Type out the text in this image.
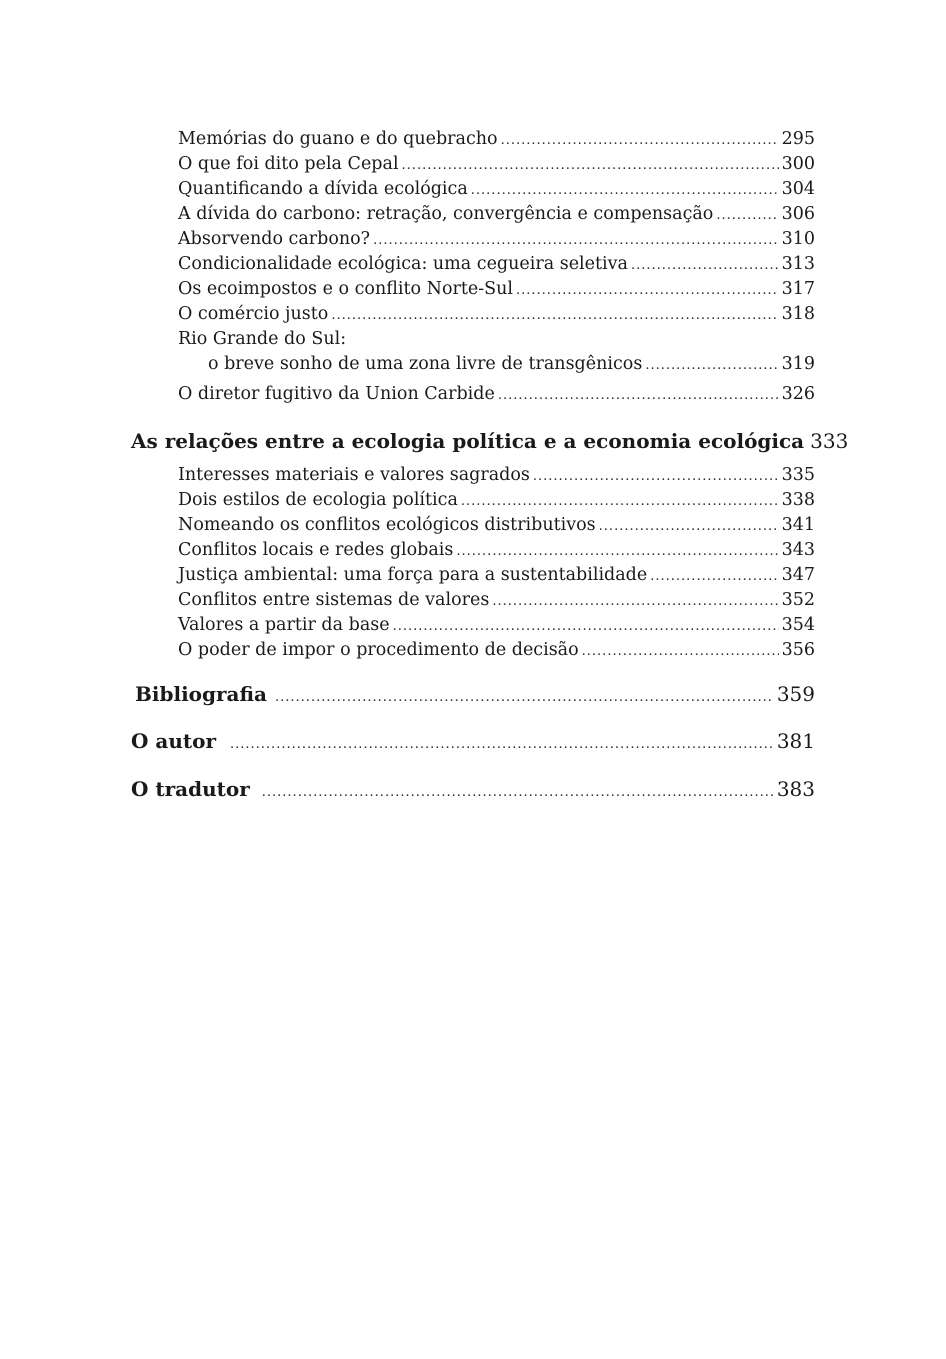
Memórias do guano e do quebracho .....	295
O que foi dito pela Cepal .....	300
Quantificando a dívida ecológica .....	304
A dívida do carbono: retração, convergência e compensação .....	306
Absorvendo carbono? .....	310
Condicionalidade ecológica: uma cegueira seletiva .....	313
Os ecoimpostos e o conflito Norte-Sul .....	317
O comércio justo .....	318
Rio Grande do Sul:
o breve sonho de uma zona livre de transgênicos .....	319
O diretor fugitivo da Union Carbide .....	326
As relações entre a ecologia política e a economia ecológica 333
Interesses materiais e valores sagrados .....	335
Dois estilos de ecologia política .....	338
Nomeando os conflitos ecológicos distributivos .....	341
Conflitos locais e redes globais .....	343
Justiça ambiental: uma força para a sustentabilidade .....	347
Conflitos entre sistemas de valores .....	352
Valores a partir da base .....	354
O poder de impor o procedimento de decisão .....	356
Bibliografia .....	359
O autor .....	381
O tradutor .....	383
